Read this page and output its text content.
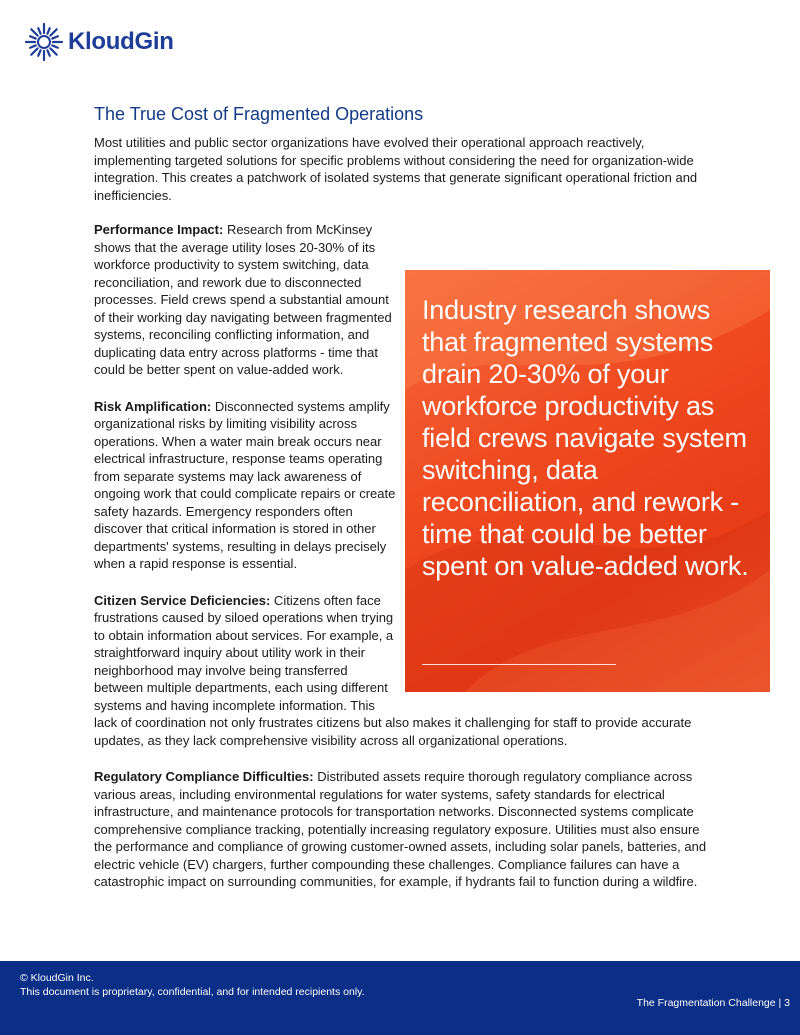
KloudGin
The True Cost of Fragmented Operations

Most utilities and public sector organizations have evolved their operational approach reactively, implementing targeted solutions for specific problems without considering the need for organization-wide integration. This creates a patchwork of isolated systems that generate significant operational friction and inefficiencies.

Performance Impact: Research from McKinsey shows that the average utility loses 20-30% of its workforce productivity to system switching, data reconciliation, and rework due to disconnected processes. Field crews spend a substantial amount of their working day navigating between fragmented systems, reconciling conflicting information, and duplicating data entry across platforms - time that could be better spent on value-added work.

Risk Amplification: Disconnected systems amplify organizational risks by limiting visibility across operations. When a water main break occurs near electrical infrastructure, response teams operating from separate systems may lack awareness of ongoing work that could complicate repairs or create safety hazards. Emergency responders often discover that critical information is stored in other departments' systems, resulting in delays precisely when a rapid response is essential.

Citizen Service Deficiencies: Citizens often face frustrations caused by siloed operations when trying to obtain information about services. For example, a straightforward inquiry about utility work in their neighborhood may involve being transferred between multiple departments, each using different systems and having incomplete information. This lack of coordination not only frustrates citizens but also makes it challenging for staff to provide accurate updates, as they lack comprehensive visibility across all organizational operations.

Regulatory Compliance Difficulties: Distributed assets require thorough regulatory compliance across various areas, including environmental regulations for water systems, safety standards for electrical infrastructure, and maintenance protocols for transportation networks. Disconnected systems complicate comprehensive compliance tracking, potentially increasing regulatory exposure. Utilities must also ensure the performance and compliance of growing customer-owned assets, including solar panels, batteries, and electric vehicle (EV) chargers, further compounding these challenges. Compliance failures can have a catastrophic impact on surrounding communities, for example, if hydrants fail to function during a wildfire.

Industry research shows that fragmented systems drain 20-30% of your workforce productivity as field crews navigate system switching, data reconciliation, and rework - time that could be better spent on value-added work.
© KloudGin Inc.
This document is proprietary, confidential, and for intended recipients only.
The Fragmentation Challenge | 3
